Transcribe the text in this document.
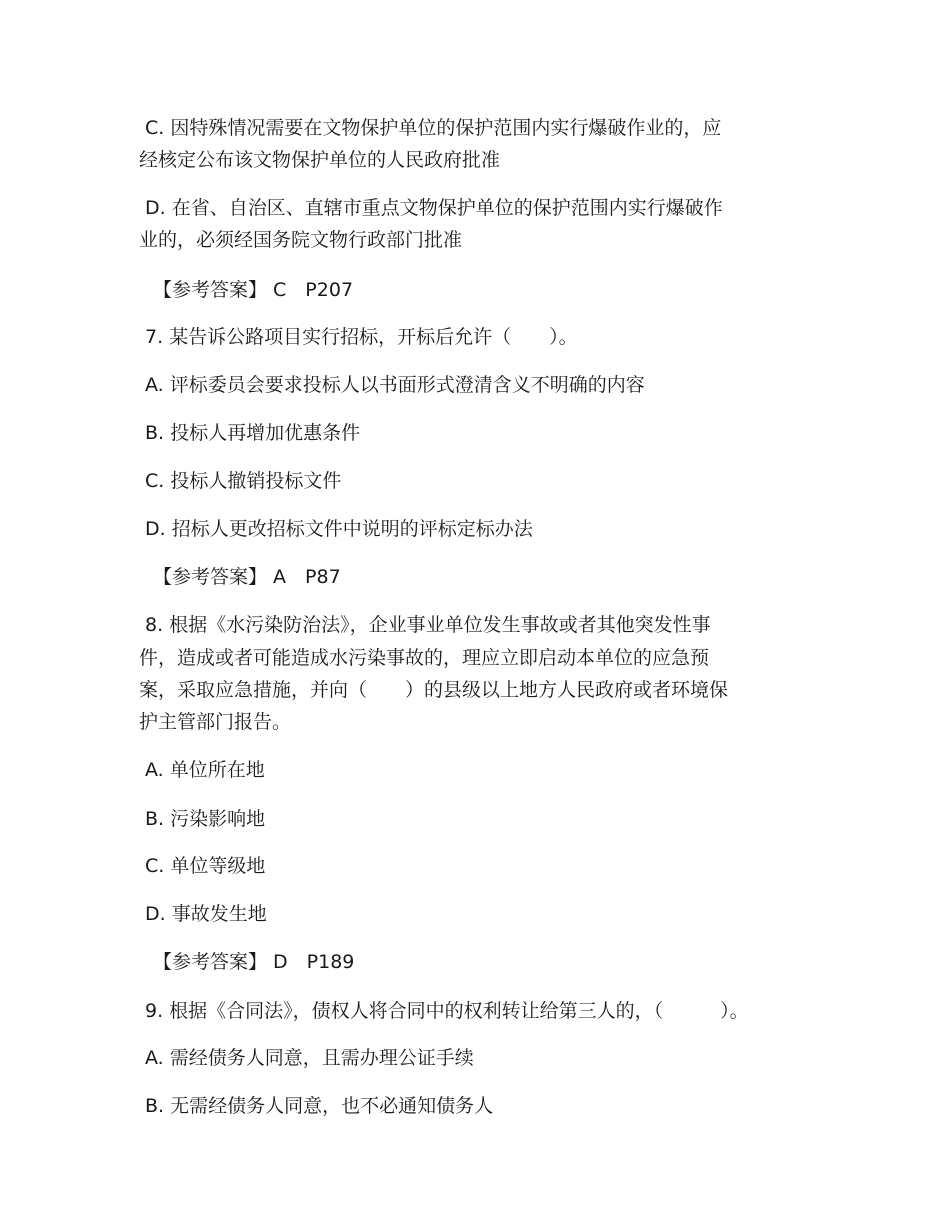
C. 因特殊情况需要在文物保护单位的保护范围内实行爆破作业的，应
经核定公布该文物保护单位的人民政府批准
D. 在省、自治区、直辖市重点文物保护单位的保护范围内实行爆破作
业的，必须经国务院文物行政部门批准
【参考答案】 C　P207
7. 某告诉公路项目实行招标，开标后允许（　　）。
A. 评标委员会要求投标人以书面形式澄清含义不明确的内容
B. 投标人再增加优惠条件
C. 投标人撤销投标文件
D. 招标人更改招标文件中说明的评标定标办法
【参考答案】 A　P87
8. 根据《水污染防治法》，企业事业单位发生事故或者其他突发性事
件，造成或者可能造成水污染事故的，理应立即启动本单位的应急预
案，采取应急措施，并向（　　）的县级以上地方人民政府或者环境保
护主管部门报告。
A. 单位所在地
B. 污染影响地
C. 单位等级地
D. 事故发生地
【参考答案】 D　P189
9. 根据《合同法》，债权人将合同中的权利转让给第三人的，（　　　）。
A. 需经债务人同意，且需办理公证手续
B. 无需经债务人同意，也不必通知债务人
